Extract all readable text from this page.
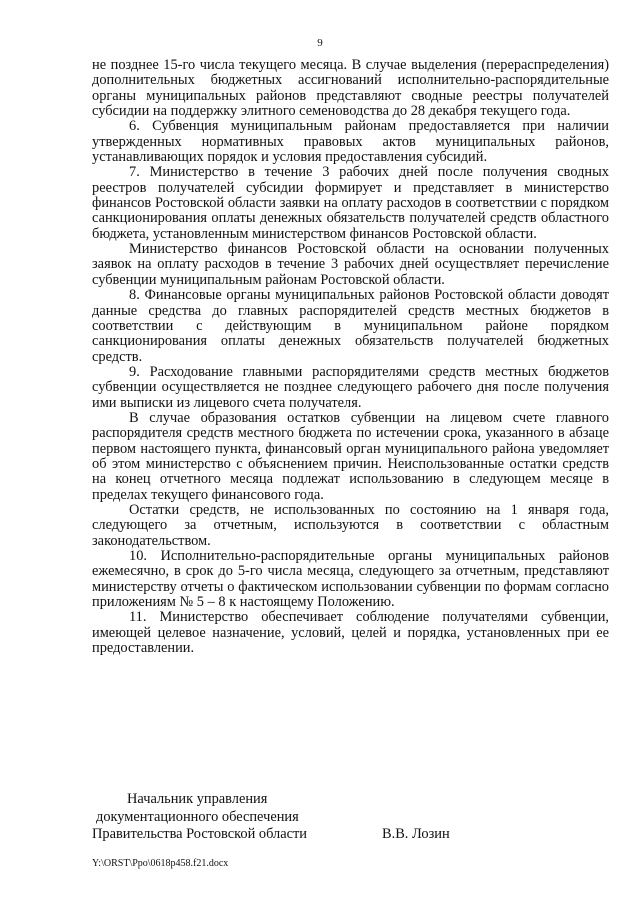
9

не позднее 15-го числа текущего месяца. В случае выделения (перераспределения) дополнительных бюджетных ассигнований исполнительно-распорядительные органы муниципальных районов представляют сводные реестры получателей субсидии на поддержку элитного семеноводства до 28 декабря текущего года.

6. Субвенция муниципальным районам предоставляется при наличии утвержденных нормативных правовых актов муниципальных районов, устанавливающих порядок и условия предоставления субсидий.

7. Министерство в течение 3 рабочих дней после получения сводных реестров получателей субсидии формирует и представляет в министерство финансов Ростовской области заявки на оплату расходов в соответствии с порядком санкционирования оплаты денежных обязательств получателей средств областного бюджета, установленным министерством финансов Ростовской области.

Министерство финансов Ростовской области на основании полученных заявок на оплату расходов в течение 3 рабочих дней осуществляет перечисление субвенции муниципальным районам Ростовской области.

8. Финансовые органы муниципальных районов Ростовской области доводят данные средства до главных распорядителей средств местных бюджетов в соответствии с действующим в муниципальном районе порядком санкционирования оплаты денежных обязательств получателей бюджетных средств.

9. Расходование главными распорядителями средств местных бюджетов субвенции осуществляется не позднее следующего рабочего дня после получения ими выписки из лицевого счета получателя.

В случае образования остатков субвенции на лицевом счете главного распорядителя средств местного бюджета по истечении срока, указанного в абзаце первом настоящего пункта, финансовый орган муниципального района уведомляет об этом министерство с объяснением причин. Неиспользованные остатки средств на конец отчетного месяца подлежат использованию в следующем месяце в пределах текущего финансового года.

Остатки средств, не использованных по состоянию на 1 января года, следующего за отчетным, используются в соответствии с областным законодательством.

10. Исполнительно-распорядительные органы муниципальных районов ежемесячно, в срок до 5-го числа месяца, следующего за отчетным, представляют министерству отчеты о фактическом использовании субвенции по формам согласно приложениям № 5 – 8 к настоящему Положению.

11. Министерство обеспечивает соблюдение получателями субвенции, имеющей целевое назначение, условий, целей и порядка, установленных при ее предоставлении.

Начальник управления
документационного обеспечения
Правительства Ростовской области	В.В. Лозин
Y:\ORST\Ppo\0618p458.f21.docx
